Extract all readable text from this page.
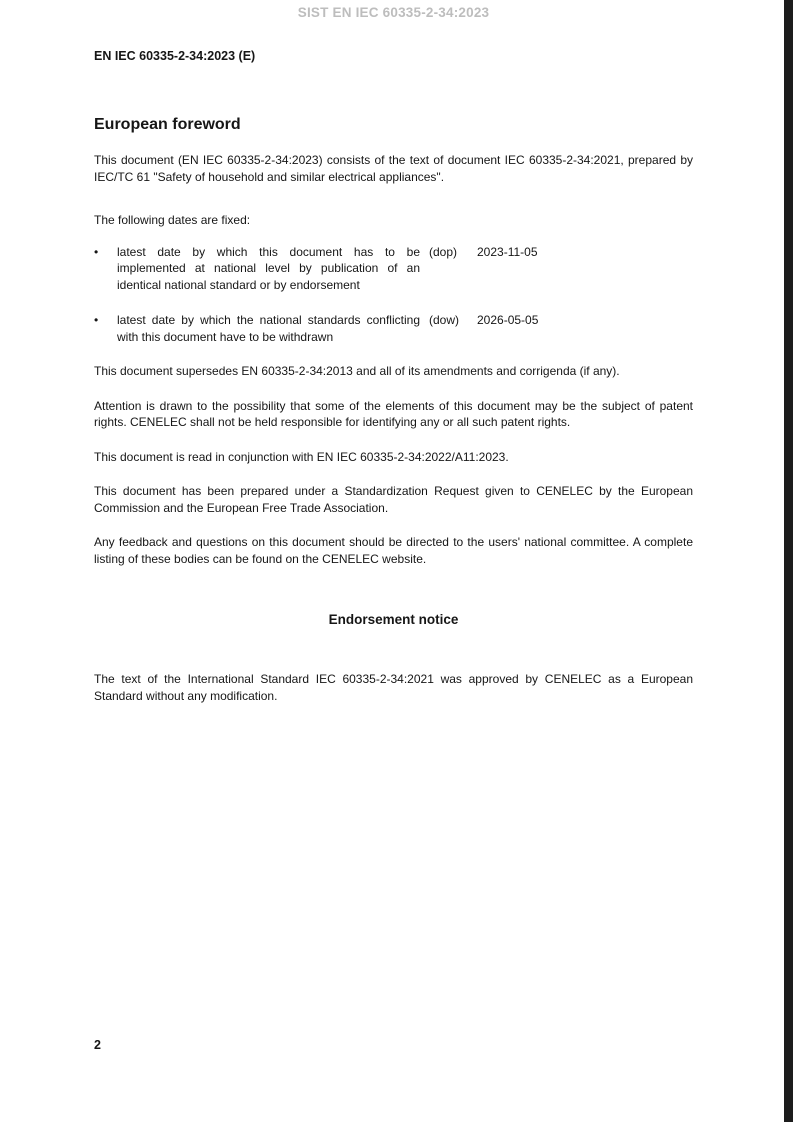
SIST EN IEC 60335-2-34:2023
EN IEC 60335-2-34:2023 (E)
European foreword

This document (EN IEC 60335-2-34:2023) consists of the text of document IEC 60335-2-34:2021, prepared by IEC/TC 61 "Safety of household and similar electrical appliances".

The following dates are fixed:

•
latest date by which this document has to be implemented at national level by publication of an identical national standard or by endorsement
(dop)	2023-11-05
•
latest date by which the national standards conflicting with this document have to be withdrawn
(dow)	2026-05-05

This document supersedes EN 60335-2-34:2013 and all of its amendments and corrigenda (if any).

Attention is drawn to the possibility that some of the elements of this document may be the subject of patent rights. CENELEC shall not be held responsible for identifying any or all such patent rights.

This document is read in conjunction with EN IEC 60335-2-34:2022/A11:2023.

This document has been prepared under a Standardization Request given to CENELEC by the European Commission and the European Free Trade Association.

Any feedback and questions on this document should be directed to the users' national committee. A complete listing of these bodies can be found on the CENELEC website.

Endorsement notice

The text of the International Standard IEC 60335-2-34:2021 was approved by CENELEC as a European Standard without any modification.

2
